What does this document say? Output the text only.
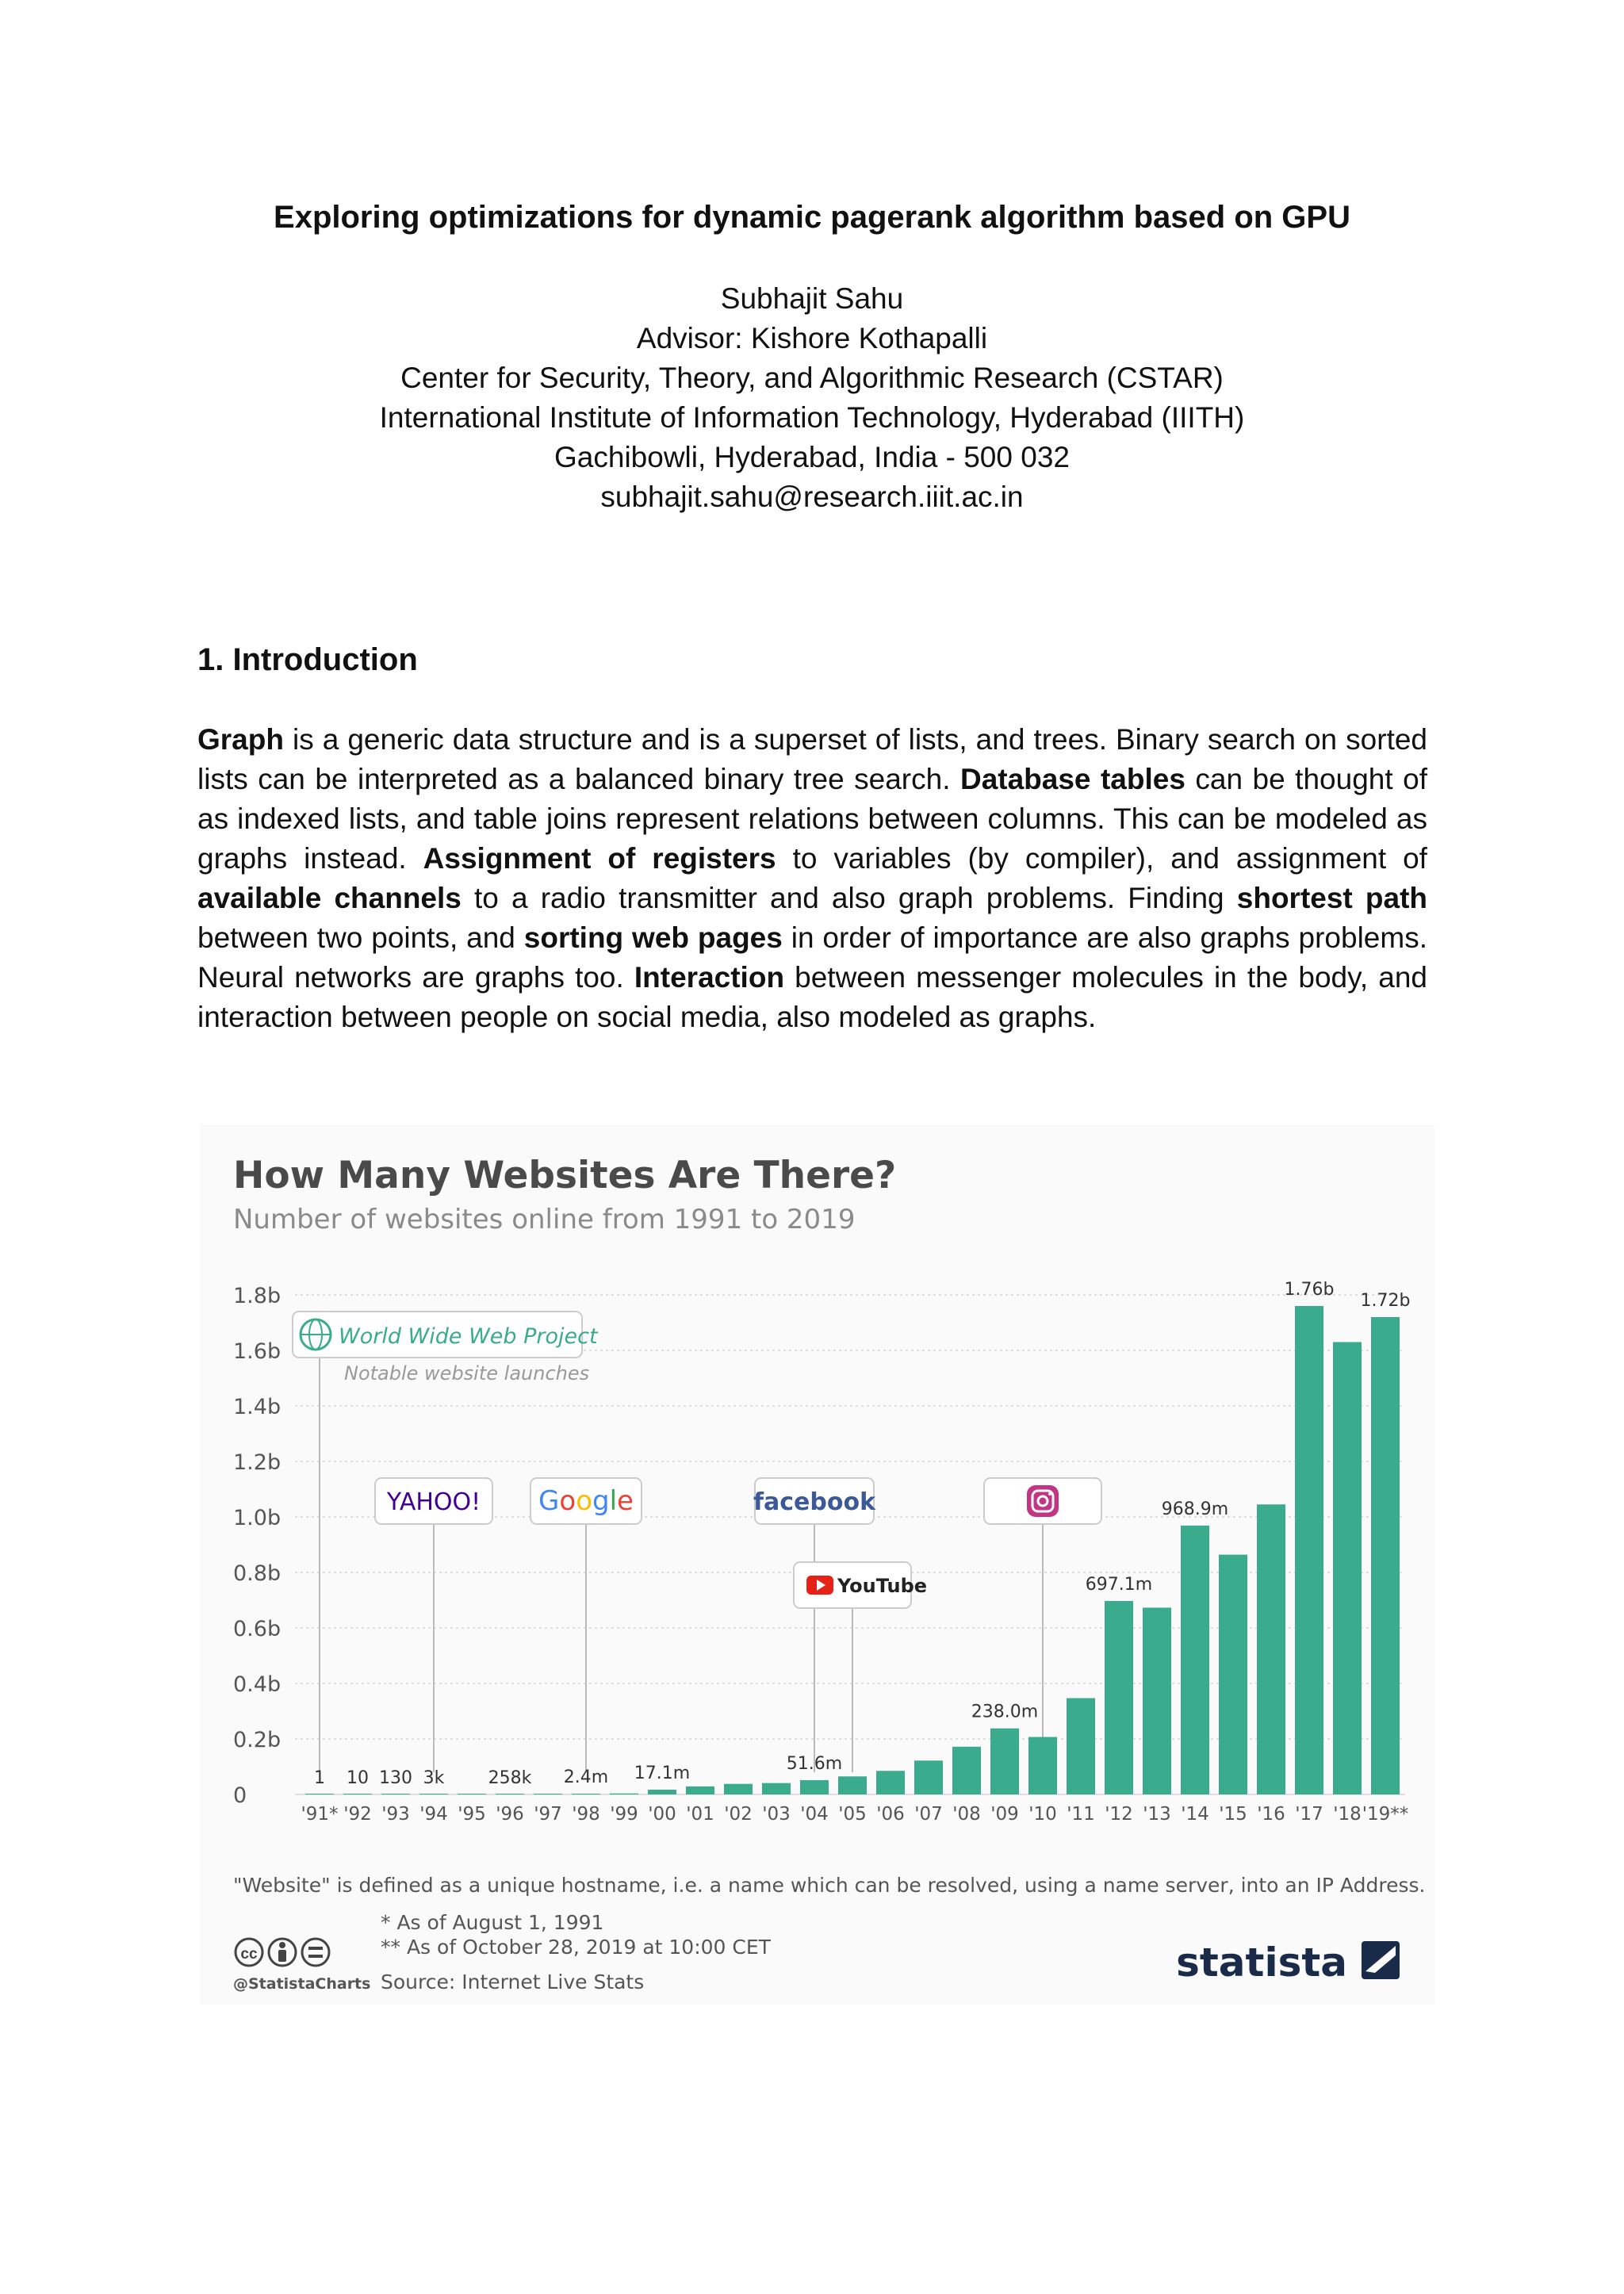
Exploring optimizations for dynamic pagerank algorithm based on GPU
Subhajit Sahu
Advisor: Kishore Kothapalli
Center for Security, Theory, and Algorithmic Research (CSTAR)
International Institute of Information Technology, Hyderabad (IIITH)
Gachibowli, Hyderabad, India - 500 032
subhajit.sahu@research.iiit.ac.in
1. Introduction
Graph is a generic data structure and is a superset of lists, and trees. Binary search on sorted lists can be interpreted as a balanced binary tree search. Database tables can be thought of as indexed lists, and table joins represent relations between columns. This can be modeled as graphs instead. Assignment of registers to variables (by compiler), and assignment of available channels to a radio transmitter and also graph problems. Finding shortest path between two points, and sorting web pages in order of importance are also graphs problems. Neural networks are graphs too. Interaction between messenger molecules in the body, and interaction between people on social media, also modeled as graphs.
How Many Websites Are There?
Number of websites online from 1991 to 2019
World Wide Web Project
Notable website launches
YAHOO! Google	facebook
YouTube
0
0.2b
0.4b
0.6b
0.8b
1.0b
1.2b
1.4b
1.6b
1.8b
'91* '92 '93 '94 '95 '96 '97 '98 '99 '00 '01 '02 '03 '04 '05 '06 '07 '08 '09 '10 '11 '12 '13 '14 '15 '16 '17 '18 '19**
1 10 130 3k	258k 2.4m 17.1m	51.6m
238.0m
697.1m
968.9m
1.76b
1.72b
"Website" is defined as a unique hostname, i.e. a name which can be resolved, using a name server, into an IP Address.
* As of August 1, 1991
** As of October 28, 2019 at 10:00 CET
Source: Internet Live Stats
cc
@StatistaCharts	statista
